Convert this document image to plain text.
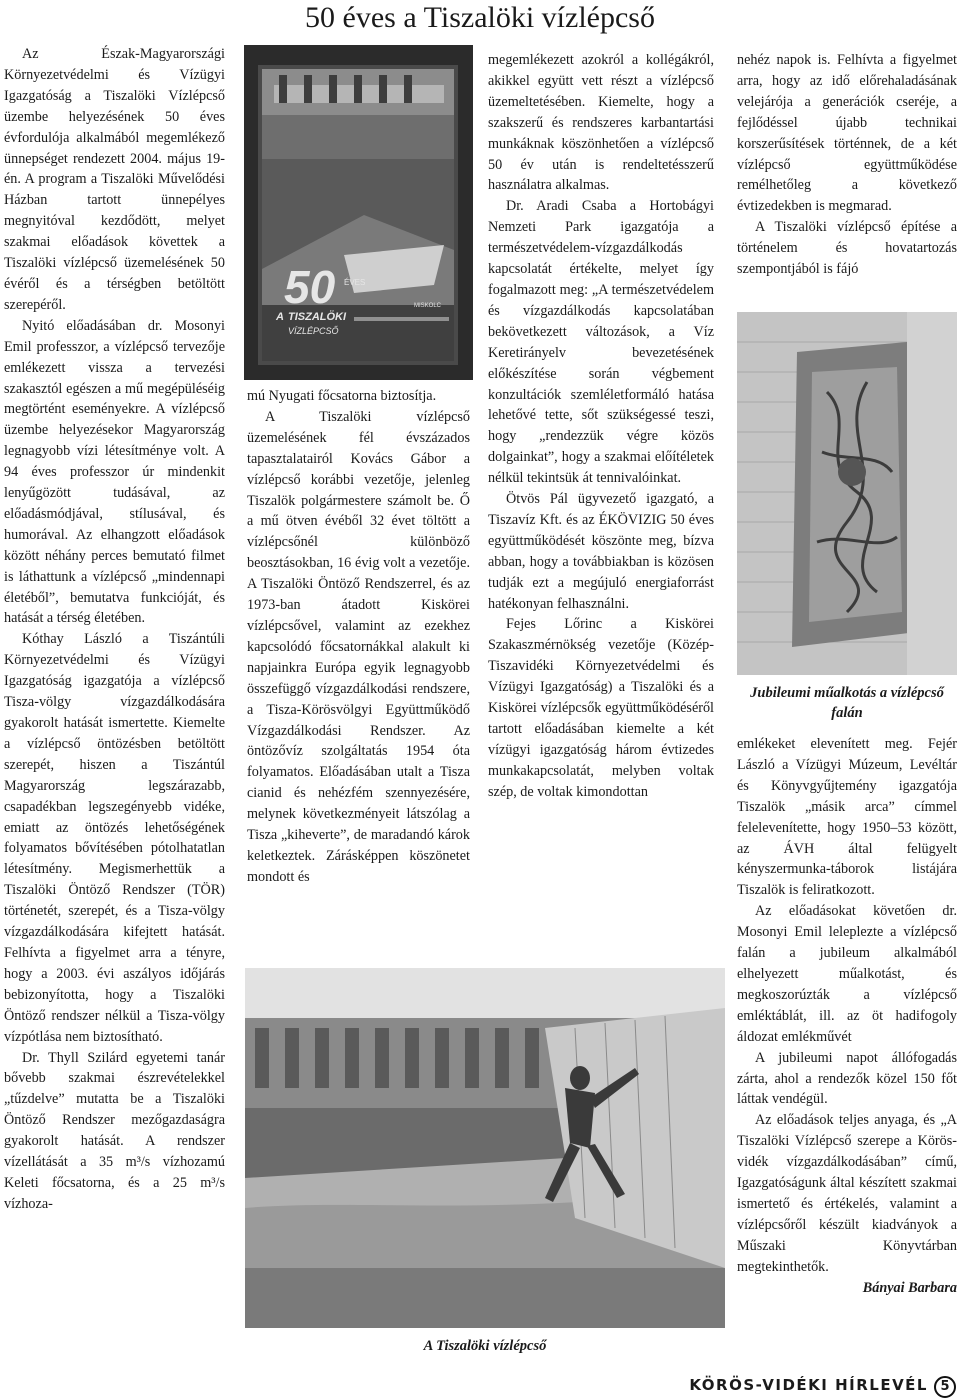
50 éves a Tiszalöki vízlépcső

Az Észak-Magyarországi Környezetvédelmi és Vízügyi Igazgatóság a Tiszalöki Vízlépcső üzembe helyezésének 50 éves évfordulója alkalmából megemlékező ünnepséget rendezett 2004. május 19-én. A program a Tiszalöki Művelődési Házban tartott ünnepélyes megnyitóval kezdődött, melyet szakmai előadások követtek a Tiszalöki vízlépcső üzemelésének 50 évéről és a térségben betöltött szerepéről.

Nyitó előadásában dr. Mosonyi Emil professzor, a vízlépcső tervezője emlékezett vissza a tervezési szakasztól egészen a mű megépüléséig megtörtént eseményekre. A vízlépcső üzembe helyezésekor Magyarország legnagyobb vízi létesítménye volt. A 94 éves professzor úr mindenkit lenyűgözött tudásával, az előadásmódjával, stílusával, és humorával. Az elhangzott előadások között néhány perces bemutató filmet is láthattunk a vízlépcső „mindennapi életéből”, bemutatva funkcióját, és hatását a térség életében.

Kóthay László a Tiszántúli Környezetvédelmi és Vízügyi Igazgatóság igazgatója a vízlépcső Tisza-völgy vízgazdálkodására gyakorolt hatását ismertette. Kiemelte a vízlépcső öntözésben betöltött szerepét, hiszen a Tiszántúl Magyarország legszárazabb, csapadékban legszegényebb vidéke, emiatt az öntözés lehetőségének folyamatos bővítésében pótolhatatlan létesítmény. Megismerhettük a Tiszalöki Öntöző Rendszer (TÖR) történetét, szerepét, és a Tisza-völgy vízgazdálkodására kifejtett hatását. Felhívta a figyelmet arra a tényre, hogy a 2003. évi aszályos időjárás bebizonyította, hogy a Tiszalöki Öntöző rendszer nélkül a Tisza-völgy vízpótlása nem biztosítható.

Dr. Thyll Szilárd egyetemi tanár bővebb szakmai észrevételekkel „tűzdelve” mutatta be a Tiszalöki Öntöző Rendszer mezőgazdaságra gyakorolt hatását. A rendszer vízellátását a 35 m³/s vízhozamú Keleti főcsatorna, és a 25 m³/s vízhoza-

50 ÉVES
A TISZALÖKI
VÍZLÉPCSŐ
MISKOLC

mú Nyugati főcsatorna biztosítja.

A Tiszalöki vízlépcső üzemelésének fél évszázados tapasztalatairól Kovács Gábor a vízlépcső korábbi vezetője, jelenleg Tiszalök polgármestere számolt be. Ő a mű ötven évéből 32 évet töltött a vízlépcsőnél különböző beosztásokban, 16 évig volt a vezetője. A Tiszalöki Öntöző Rendszerrel, és az 1973-ban átadott Kiskörei vízlépcsővel, valamint az ezekhez kapcsolódó főcsatornákkal alakult ki napjainkra Európa egyik legnagyobb összefüggő vízgazdálkodási rendszere, a Tisza-Körösvölgyi Együttműködő Vízgazdálkodási Rendszer. Az öntözővíz szolgáltatás 1954 óta folyamatos. Előadásában utalt a Tisza cianid és nehézfém szennyezésére, melynek következményeit látszólag a Tisza „kiheverte”, de maradandó károk keletkeztek. Zárásképpen köszönetet mondott és

megemlékezett azokról a kollégákról, akikkel együtt vett részt a vízlépcső üzemeltetésében. Kiemelte, hogy a szakszerű és rendszeres karbantartási munkáknak köszönhetően a vízlépcső 50 év után is rendeltetésszerű használatra alkalmas.

Dr. Aradi Csaba a Hortobágyi Nemzeti Park igazgatója a természetvédelem-vízgazdálkodás kapcsolatát értékelte, melyet így fogalmazott meg: „A természetvédelem és vízgazdálkodás kapcsolatában bekövetkezett változások, a Víz Keretirányelv bevezetésének előkészítése során végbement konzultációk szemléletformáló hatása lehetővé tette, sőt szükségessé teszi, hogy „rendezzük végre közös dolgainkat”, hogy a szakmai előítéletek nélkül tekintsük át tennivalóinkat.

Ötvös Pál ügyvezető igazgató, a Tiszavíz Kft. és az ÉKÖVIZIG 50 éves együttműködését köszönte meg, bízva abban, hogy a továbbiakban is közösen tudják ezt a megújuló energiaforrást hatékonyan felhasználni.

Fejes Lőrinc a Kiskörei Szakaszmérnökség vezetője (Közép-Tiszavidéki Környezetvédelmi és Vízügyi Igazgatóság) a Tiszalöki és a Kiskörei vízlépcsők együttműködéséről tartott előadásában kiemelte a két vízügyi igazgatóság három évtizedes munkakapcsolatát, melyben voltak szép, de voltak kimondottan

nehéz napok is. Felhívta a figyelmet arra, hogy az idő előrehaladásának velejárója a generációk cseréje, a fejlődéssel újabb technikai korszerűsítések történnek, de a két vízlépcső együttműködése remélhetőleg a következő évtizedekben is megmarad.

A Tiszalöki vízlépcső építése a történelem és hovatartozás szempontjából is fájó

Jubileumi műalkotás a vízlépcső falán

emlékeket elevenített meg. Fejér László a Vízügyi Múzeum, Levéltár és Könyvgyűjtemény igazgatója Tiszalök „másik arca” címmel felelevenítette, hogy 1950–53 között, az ÁVH által felügyelt kényszermunka-táborok listájára Tiszalök is feliratkozott.

Az előadásokat követően dr. Mosonyi Emil leleplezte a vízlépcső falán a jubileum alkalmából elhelyezett műalkotást, és megkoszorúzták a vízlépcső emléktáblát, ill. az öt hadifogoly áldozat emlékművét

A jubileumi napot állófogadás zárta, ahol a rendezők közel 150 főt láttak vendégül.

Az előadások teljes anyaga, és „A Tiszalöki Vízlépcső szerepe a Körös-vidék vízgazdálkodásában” című, Igazgatóságunk által készített szakmai ismertető és értékelés, valamint a vízlépcsőről készült kiadványok a Műszaki Könyvtárban megtekinthetők.

Bányai Barbara

A Tiszalöki vízlépcső
KÖRÖS-VIDÉKI HÍRLEVÉL 5
